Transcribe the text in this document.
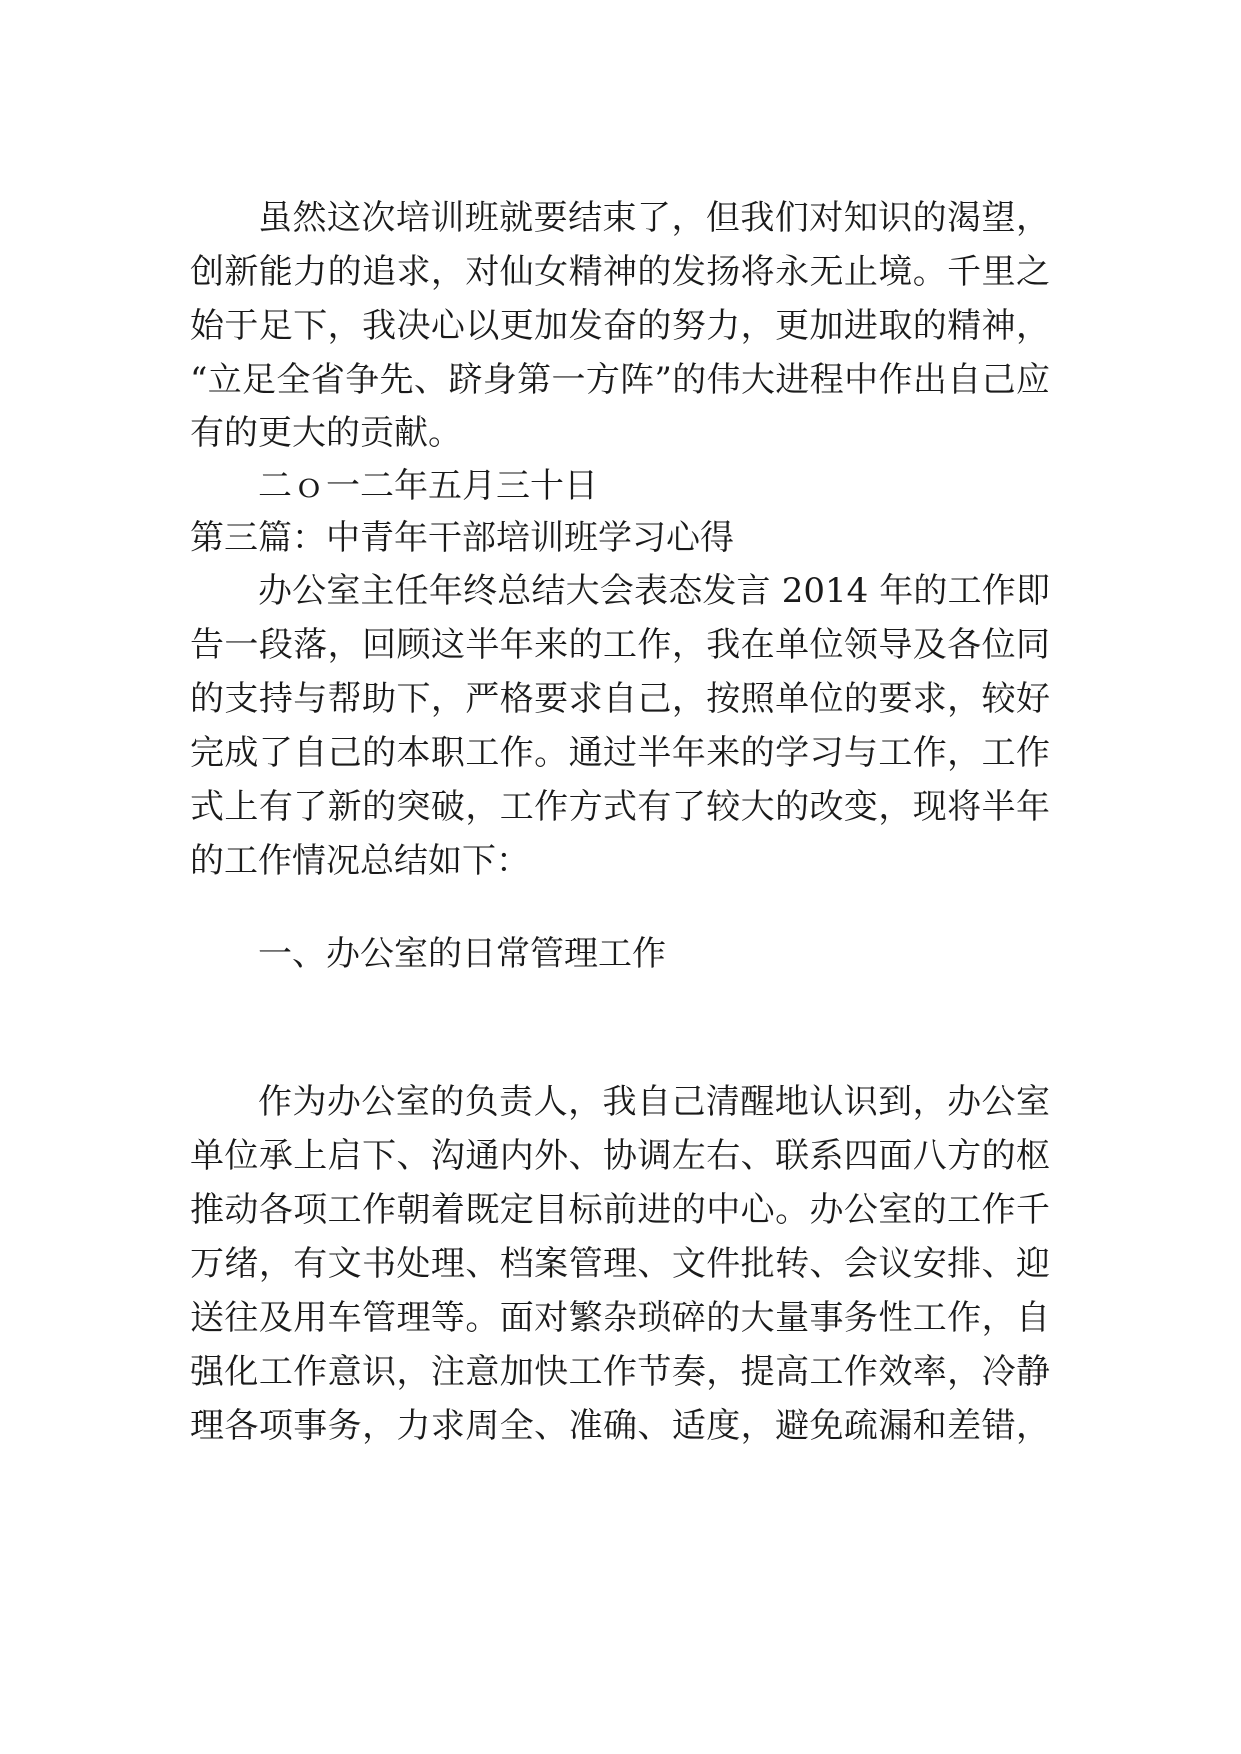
虽然这次培训班就要结束了，但我们对知识的渴望，
创新能力的追求，对仙女精神的发扬将永无止境。千里之
始于足下，我决心以更加发奋的努力，更加进取的精神，
“立足全省争先、跻身第一方阵”的伟大进程中作出自己应
有的更大的贡献。
二ｏ一二年五月三十日
第三篇：中青年干部培训班学习心得
办公室主任年终总结大会表态发言 2014 年的工作即
告一段落，回顾这半年来的工作，我在单位领导及各位同
的支持与帮助下，严格要求自己，按照单位的要求，较好
完成了自己的本职工作。通过半年来的学习与工作，工作
式上有了新的突破，工作方式有了较大的改变，现将半年
的工作情况总结如下：
一、办公室的日常管理工作
作为办公室的负责人，我自己清醒地认识到，办公室
单位承上启下、沟通内外、协调左右、联系四面八方的枢
推动各项工作朝着既定目标前进的中心。办公室的工作千
万绪，有文书处理、档案管理、文件批转、会议安排、迎
送往及用车管理等。面对繁杂琐碎的大量事务性工作，自
强化工作意识，注意加快工作节奏，提高工作效率，冷静
理各项事务，力求周全、准确、适度，避免疏漏和差错，
